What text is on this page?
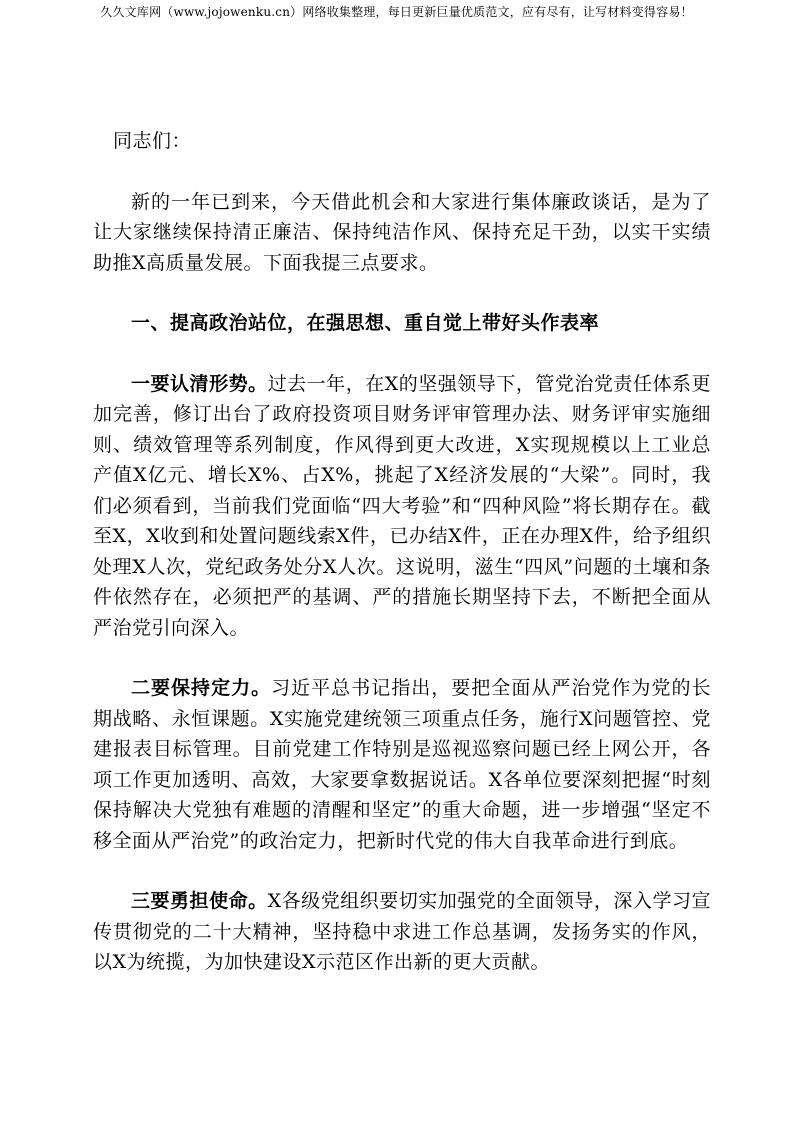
久久文库网（www.jojowenku.cn）网络收集整理，每日更新巨量优质范文，应有尽有，让写材料变得容易！

同志们：

新的一年已到来，今天借此机会和大家进行集体廉政谈话，是为了让大家继续保持清正廉洁、保持纯洁作风、保持充足干劲，以实干实绩助推X高质量发展。下面我提三点要求。

一、提高政治站位，在强思想、重自觉上带好头作表率

一要认清形势。过去一年，在X的坚强领导下，管党治党责任体系更加完善，修订出台了政府投资项目财务评审管理办法、财务评审实施细则、绩效管理等系列制度，作风得到更大改进，X实现规模以上工业总产值X亿元、增长X%、占X%，挑起了X经济发展的“大梁”。同时，我们必须看到，当前我们党面临“四大考验”和“四种风险”将长期存在。截至X，X收到和处置问题线索X件，已办结X件，正在办理X件，给予组织处理X人次，党纪政务处分X人次。这说明，滋生“四风”问题的土壤和条件依然存在，必须把严的基调、严的措施长期坚持下去，不断把全面从严治党引向深入。

二要保持定力。习近平总书记指出，要把全面从严治党作为党的长期战略、永恒课题。X实施党建统领三项重点任务，施行X问题管控、党建报表目标管理。目前党建工作特别是巡视巡察问题已经上网公开，各项工作更加透明、高效，大家要拿数据说话。X各单位要深刻把握“时刻保持解决大党独有难题的清醒和坚定”的重大命题，进一步增强“坚定不移全面从严治党”的政治定力，把新时代党的伟大自我革命进行到底。

三要勇担使命。X各级党组织要切实加强党的全面领导，深入学习宣传贯彻党的二十大精神，坚持稳中求进工作总基调，发扬务实的作风，以X为统揽，为加快建设X示范区作出新的更大贡献。
